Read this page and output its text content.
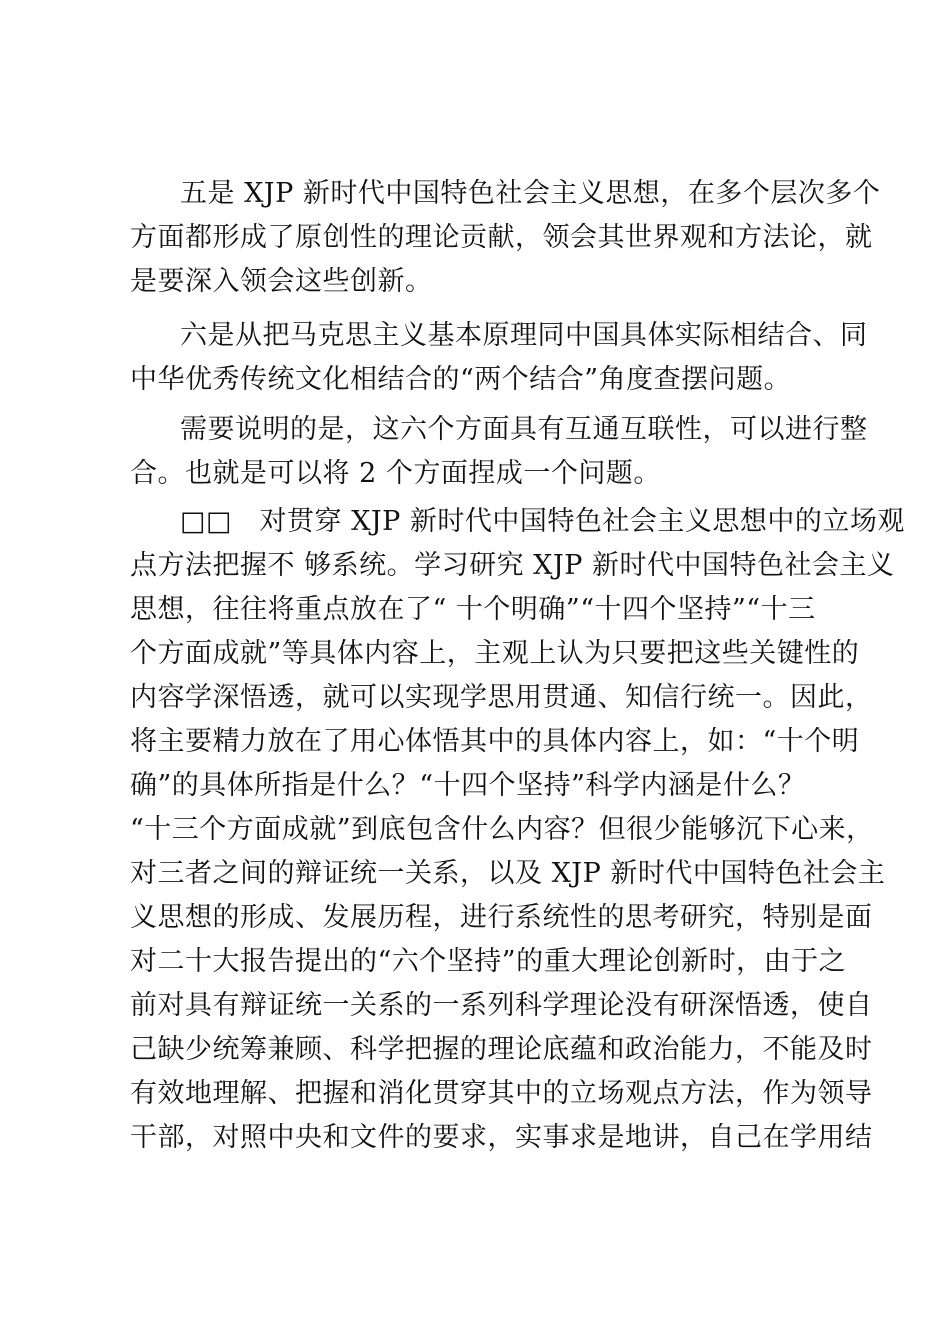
五是 XJP 新时代中国特色社会主义思想，在多个层次多个
方面都形成了原创性的理论贡献，领会其世界观和方法论，就
是要深入领会这些创新。
六是从把马克思主义基本原理同中国具体实际相结合、同
中华优秀传统文化相结合的“两个结合”角度查摆问题。
需要说明的是，这六个方面具有互通互联性，可以进行整
合。也就是可以将 2 个方面捏成一个问题。
□□　对贯穿 XJP 新时代中国特色社会主义思想中的立场观
点方法把握不 够系统。学习研究 XJP 新时代中国特色社会主义
思想，往往将重点放在了“ 十个明确”“十四个坚持”“十三
个方面成就”等具体内容上，主观上认为只要把这些关键性的
内容学深悟透，就可以实现学思用贯通、知信行统一。因此，
将主要精力放在了用心体悟其中的具体内容上，如：“十个明
确”的具体所指是什么？“十四个坚持”科学内涵是什么？
“十三个方面成就”到底包含什么内容？但很少能够沉下心来，
对三者之间的辩证统一关系，以及 XJP 新时代中国特色社会主
义思想的形成、发展历程，进行系统性的思考研究，特别是面
对二十大报告提出的“六个坚持”的重大理论创新时，由于之
前对具有辩证统一关系的一系列科学理论没有研深悟透，使自
己缺少统筹兼顾、科学把握的理论底蕴和政治能力，不能及时
有效地理解、把握和消化贯穿其中的立场观点方法，作为领导
干部，对照中央和文件的要求，实事求是地讲，自己在学用结
